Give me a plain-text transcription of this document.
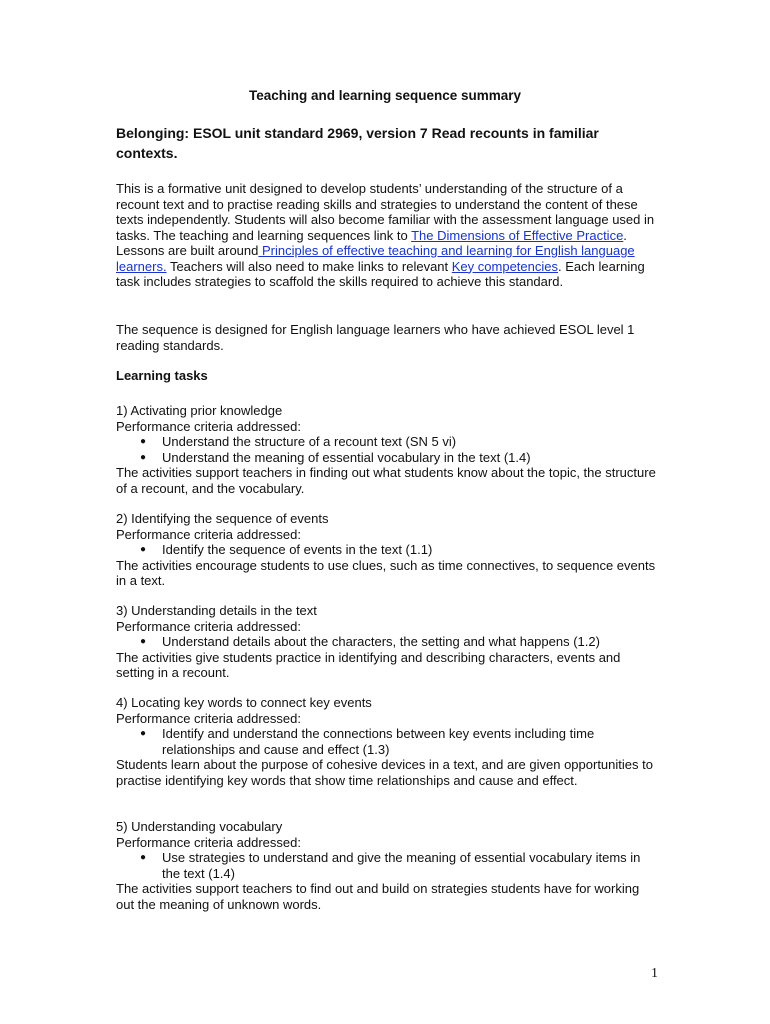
Teaching and learning sequence summary
Belonging: ESOL unit standard 2969, version 7 Read recounts in familiar contexts.

This is a formative unit designed to develop students’ understanding of the structure of a recount text and to practise reading skills and strategies to understand the content of these texts independently. Students will also become familiar with the assessment language used in tasks. The teaching and learning sequences link to The Dimensions of Effective Practice. Lessons are built around Principles of effective teaching and learning for English language learners. Teachers will also need to make links to relevant Key competencies. Each learning task includes strategies to scaffold the skills required to achieve this standard.

The sequence is designed for English language learners who have achieved ESOL level 1 reading standards.

Learning tasks

1) Activating prior knowledge

Performance criteria addressed:

● Understand the structure of a recount text (SN 5 vi)
● Understand the meaning of essential vocabulary in the text (1.4)

The activities support teachers in finding out what students know about the topic, the structure of a recount, and the vocabulary.

2) Identifying the sequence of events

Performance criteria addressed:

● Identify the sequence of events in the text (1.1)

The activities encourage students to use clues, such as time connectives, to sequence events in a text.

3) Understanding details in the text

Performance criteria addressed:

● Understand details about the characters, the setting and what happens (1.2)

The activities give students practice in identifying and describing characters, events and setting in a recount.

4) Locating key words to connect key events

Performance criteria addressed:

● Identify and understand the connections between key events including time relationships and cause and effect (1.3)

Students learn about the purpose of cohesive devices in a text, and are given opportunities to practise identifying key words that show time relationships and cause and effect.

5) Understanding vocabulary

Performance criteria addressed:

● Use strategies to understand and give the meaning of essential vocabulary items in the text (1.4)

The activities support teachers to find out and build on strategies students have for working out the meaning of unknown words.

1
